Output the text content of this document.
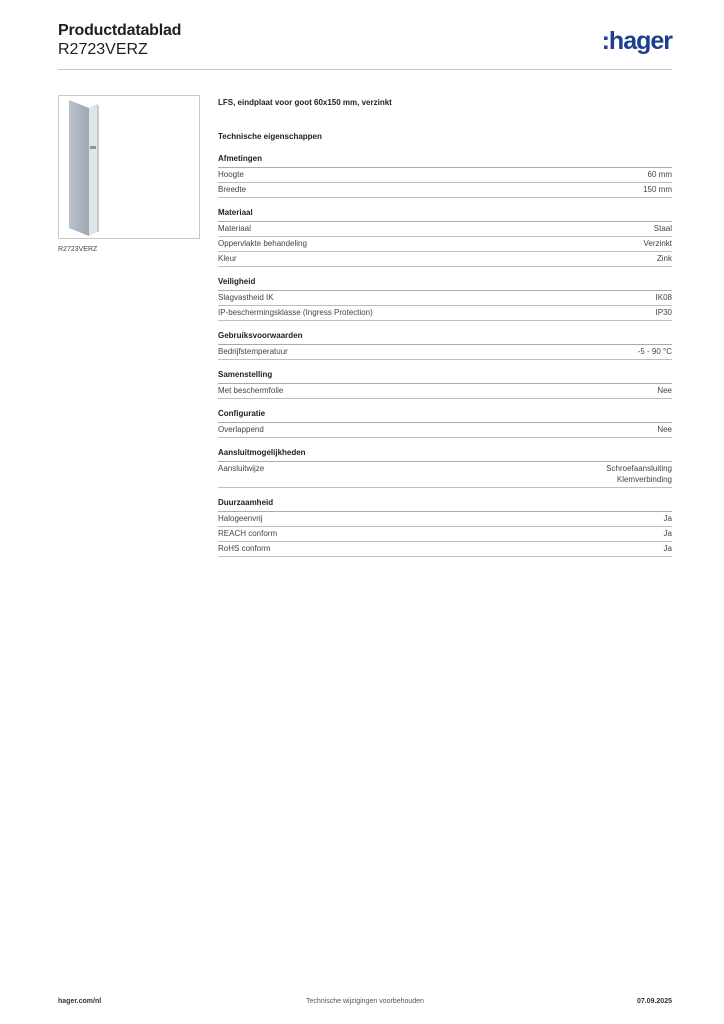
Productdatablad
R2723VERZ	:hager
R2723VERZ
LFS, eindplaat voor goot 60x150 mm, verzinkt
Technische eigenschappen
Afmetingen
Hoogte	60 mm
Breedte	150 mm
Materiaal
Materiaal	Staal
Oppervlakte behandeling	Verzinkt
Kleur	Zink
Veiligheid
Slagvastheid IK	IK08
IP-beschermingsklasse (Ingress Protection)	IP30
Gebruiksvoorwaarden
Bedrijfstemperatuur	-5 - 90 °C
Samenstelling
Met beschermfolie	Nee
Configuratie
Overlappend	Nee
Aansluitmogelijkheden
Aansluitwijze	Schroefaansluiting
Klemverbinding
Duurzaamheid
Halogeenvrij	Ja
REACH conform	Ja
RoHS conform	Ja
hager.com/nl	Technische wijzigingen voorbehouden	07.09.2025
